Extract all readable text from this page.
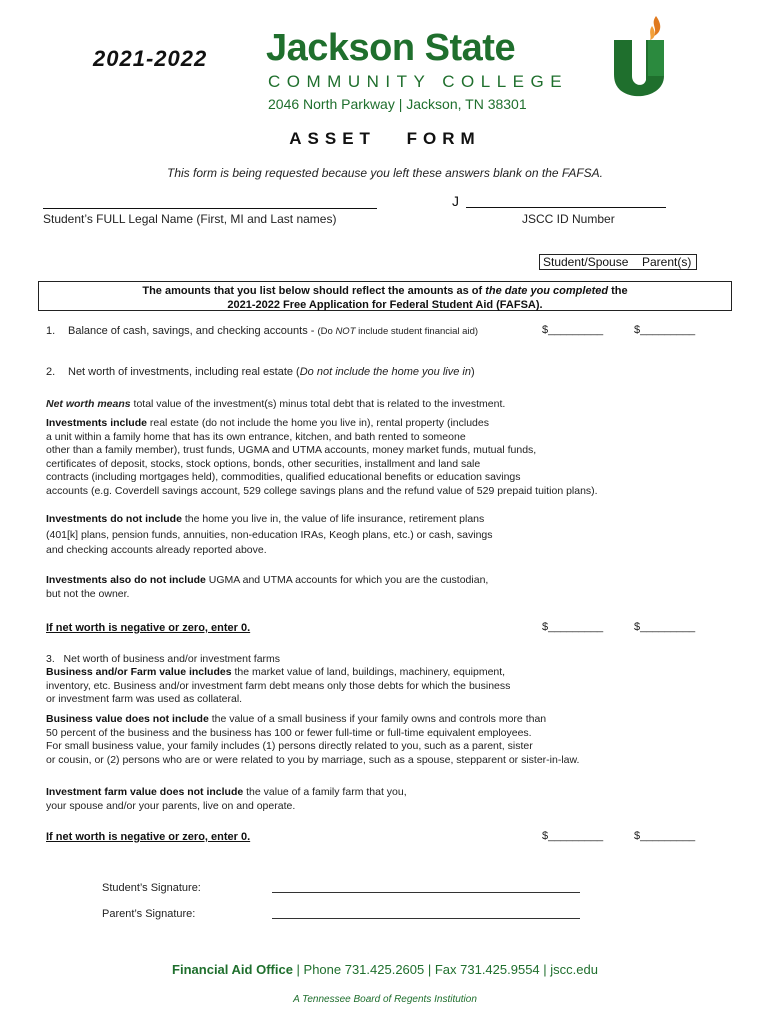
2021-2022 Jackson State
COMMUNITY COLLEGE
2046 North Parkway | Jackson, TN 38301
ASSET FORM
This form is being requested because you left these answers blank on the FAFSA.
Student’s FULL Legal Name (First, MI and Last names)
J
JSCC ID Number
Student/Spouse Parent(s)
The amounts that you list below should reflect the amounts as of the date you completed the
2021-2022 Free Application for Federal Student Aid (FAFSA).
1. Balance of cash, savings, and checking accounts - (Do NOT include student financial aid)	$_________	$_________
2. Net worth of investments, including real estate (Do not include the home you live in)
Net worth means total value of the investment(s) minus total debt that is related to the investment.
Investments include real estate (do not include the home you live in), rental property (includes
a unit within a family home that has its own entrance, kitchen, and bath rented to someone
other than a family member), trust funds, UGMA and UTMA accounts, money market funds, mutual funds,
certificates of deposit, stocks, stock options, bonds, other securities, installment and land sale
contracts (including mortgages held), commodities, qualified educational benefits or education savings
accounts (e.g. Coverdell savings account, 529 college savings plans and the refund value of 529 prepaid tuition plans).
Investments do not include the home you live in, the value of life insurance, retirement plans
(401[k] plans, pension funds, annuities, non-education IRAs, Keogh plans, etc.) or cash, savings
and checking accounts already reported above.
Investments also do not include UGMA and UTMA accounts for which you are the custodian,
but not the owner.
If net worth is negative or zero, enter 0.	$_________	$_________
3. Net worth of business and/or investment farms
Business and/or Farm value includes the market value of land, buildings, machinery, equipment,
inventory, etc. Business and/or investment farm debt means only those debts for which the business
or investment farm was used as collateral.
Business value does not include the value of a small business if your family owns and controls more than
50 percent of the business and the business has 100 or fewer full-time or full-time equivalent employees.
For small business value, your family includes (1) persons directly related to you, such as a parent, sister
or cousin, or (2) persons who are or were related to you by marriage, such as a spouse, stepparent or sister-in-law.
Investment farm value does not include the value of a family farm that you,
your spouse and/or your parents, live on and operate.
If net worth is negative or zero, enter 0.	$_________	$_________
Student’s Signature:
Parent’s Signature:
Financial Aid Office | Phone 731.425.2605 | Fax 731.425.9554 | jscc.edu
A Tennessee Board of Regents Institution
